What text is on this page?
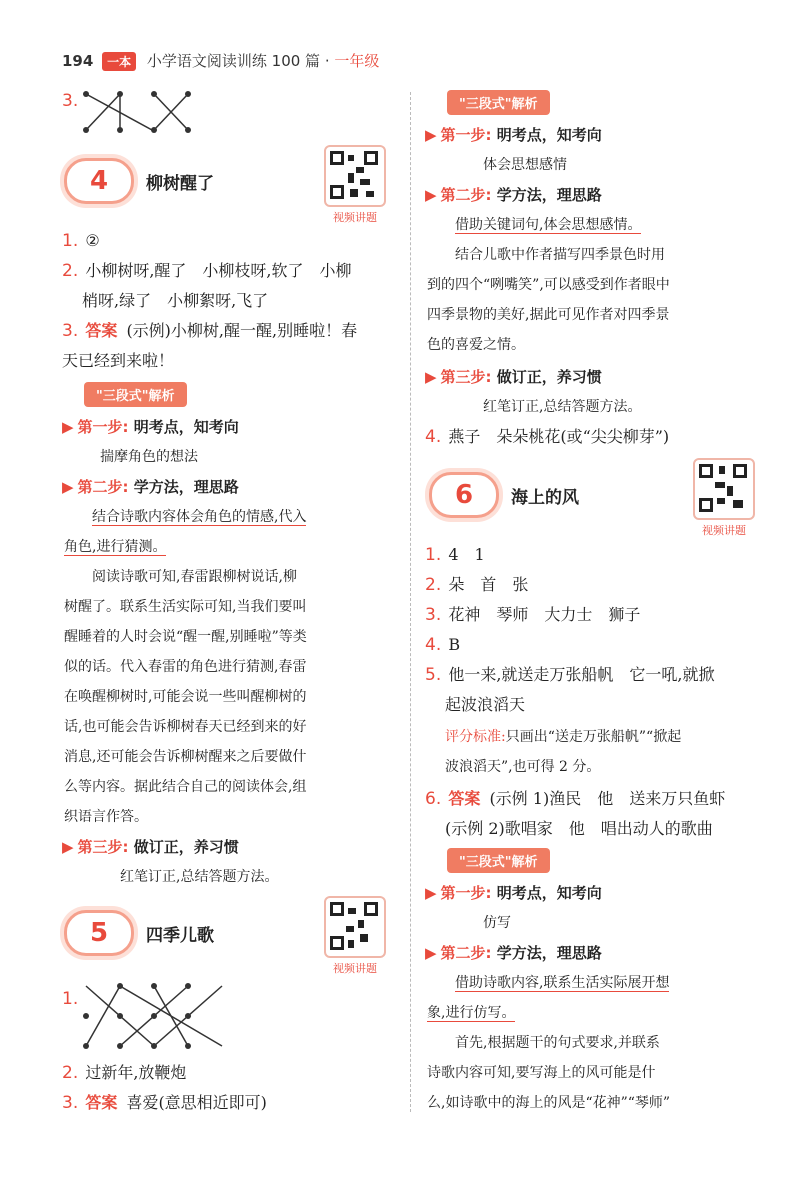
194 一本 小学语文阅读训练 100 篇 · 一年级
3.
4	柳树醒了
视频讲题
1. ②
2. 小柳树呀,醒了　小柳枝呀,软了　小柳
梢呀,绿了　小柳絮呀,飞了
3. 答案 (示例)小柳树,醒一醒,别睡啦！春
天已经到来啦！
"三段式"解析
▶ 第一步: 明考点，知考向
揣摩角色的想法
▶ 第二步: 学方法，理思路
结合诗歌内容体会角色的情感,代入
角色,进行猜测。
阅读诗歌可知,春雷跟柳树说话,柳
树醒了。联系生活实际可知,当我们要叫
醒睡着的人时会说“醒一醒,别睡啦”等类
似的话。代入春雷的角色进行猜测,春雷
在唤醒柳树时,可能会说一些叫醒柳树的
话,也可能会告诉柳树春天已经到来的好
消息,还可能会告诉柳树醒来之后要做什
么等内容。据此结合自己的阅读体会,组
织语言作答。
▶ 第三步: 做订正，养习惯
红笔订正,总结答题方法。
5	四季儿歌
视频讲题
1.
2. 过新年,放鞭炮
3. 答案 喜爱(意思相近即可)
"三段式"解析
▶ 第一步: 明考点，知考向
体会思想感情
▶ 第二步: 学方法，理思路
借助关键词句,体会思想感情。
结合儿歌中作者描写四季景色时用
到的四个“咧嘴笑”,可以感受到作者眼中
四季景物的美好,据此可见作者对四季景
色的喜爱之情。
▶ 第三步: 做订正，养习惯
红笔订正,总结答题方法。
4. 燕子　朵朵桃花(或“尖尖柳芽”)
6	海上的风
视频讲题
1. 4　1
2. 朵　首　张
3. 花神　琴师　大力士　狮子
4. B
5. 他一来,就送走万张船帆　它一吼,就掀
起波浪滔天
评分标准:只画出“送走万张船帆”“掀起
波浪滔天”,也可得 2 分。
6. 答案 (示例 1)渔民　他　送来万只鱼虾
(示例 2)歌唱家　他　唱出动人的歌曲
"三段式"解析
▶ 第一步: 明考点，知考向
仿写
▶ 第二步: 学方法，理思路
借助诗歌内容,联系生活实际展开想
象,进行仿写。
首先,根据题干的句式要求,并联系
诗歌内容可知,要写海上的风可能是什
么,如诗歌中的海上的风是“花神”“琴师”
